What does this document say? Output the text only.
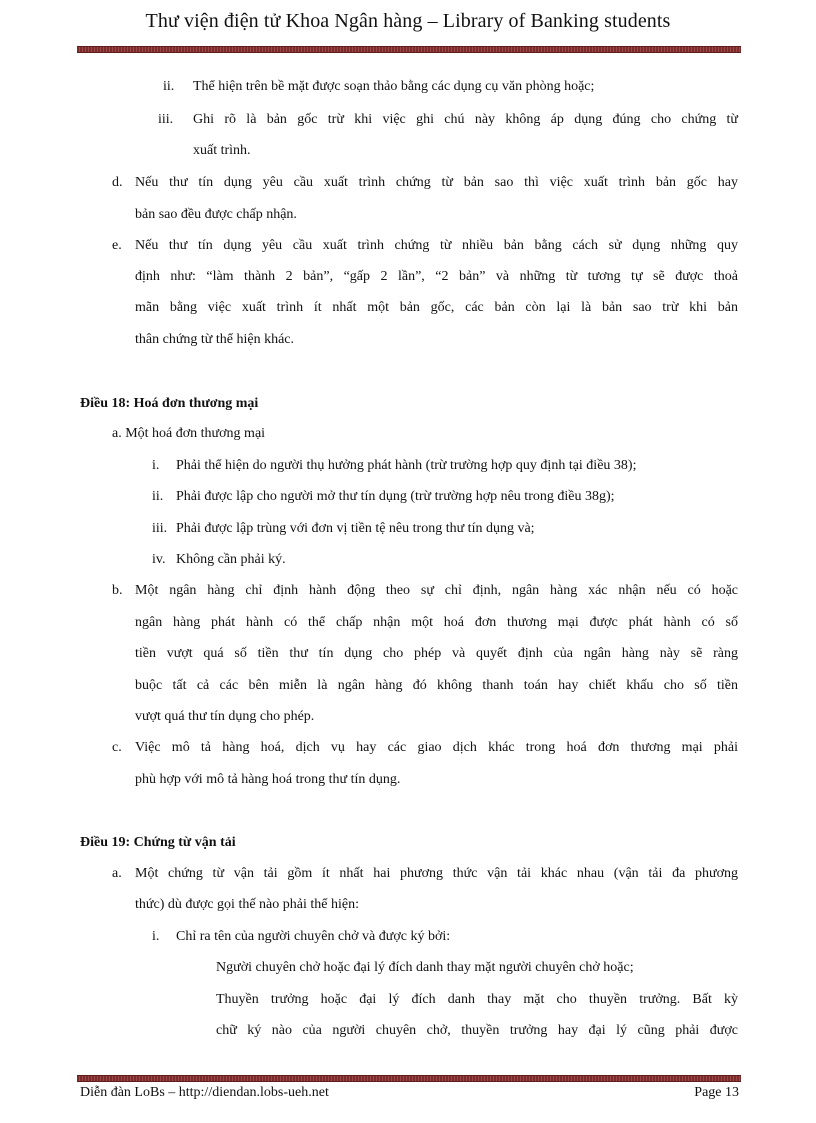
Thư viện điện tử Khoa Ngân hàng – Library of Banking students
ii. Thể hiện trên bề mặt được soạn thảo bằng các dụng cụ văn phòng hoặc;
iii. Ghi rõ là bản gốc trừ khi việc ghi chú này không áp dụng đúng cho chứng từ
xuất trình.
d. Nếu thư tín dụng yêu cầu xuất trình chứng từ bản sao thì việc xuất trình bản gốc hay
bản sao đều được chấp nhận.
e. Nếu thư tín dụng yêu cầu xuất trình chứng từ nhiều bản bằng cách sử dụng những quy
định như: “làm thành 2 bản”, “gấp 2 lần”, “2 bản” và những từ tương tự sẽ được thoả
mãn bằng việc xuất trình ít nhất một bản gốc, các bản còn lại là bản sao trừ khi bản
thân chứng từ thể hiện khác.
Điều 18: Hoá đơn thương mại
a. Một hoá đơn thương mại
i. Phải thể hiện do người thụ hưởng phát hành (trừ trường hợp quy định tại điều 38);
ii. Phải được lập cho người mở thư tín dụng (trừ trường hợp nêu trong điều 38g);
iii. Phải được lập trùng với đơn vị tiền tệ nêu trong thư tín dụng và;
iv. Không cần phải ký.
b. Một ngân hàng chỉ định hành động theo sự chỉ định, ngân hàng xác nhận nếu có hoặc
ngân hàng phát hành có thể chấp nhận một hoá đơn thương mại được phát hành có số
tiền vượt quá số tiền thư tín dụng cho phép và quyết định của ngân hàng này sẽ ràng
buộc tất cả các bên miễn là ngân hàng đó không thanh toán hay chiết khấu cho số tiền
vượt quá thư tín dụng cho phép.
c. Việc mô tả hàng hoá, dịch vụ hay các giao dịch khác trong hoá đơn thương mại phải
phù hợp với mô tả hàng hoá trong thư tín dụng.
Điều 19: Chứng từ vận tải
a. Một chứng từ vận tải gồm ít nhất hai phương thức vận tải khác nhau (vận tải đa phương
thức) dù được gọi thế nào phải thể hiện:
i. Chỉ ra tên của người chuyên chở và được ký bởi:
Người chuyên chở hoặc đại lý đích danh thay mặt người chuyên chở hoặc;
Thuyền trưởng hoặc đại lý đích danh thay mặt cho thuyền trưởng. Bất kỳ
chữ ký nào của người chuyên chở, thuyền trưởng hay đại lý cũng phải được
Diễn đàn LoBs – http://diendan.lobs-ueh.net	Page 13
